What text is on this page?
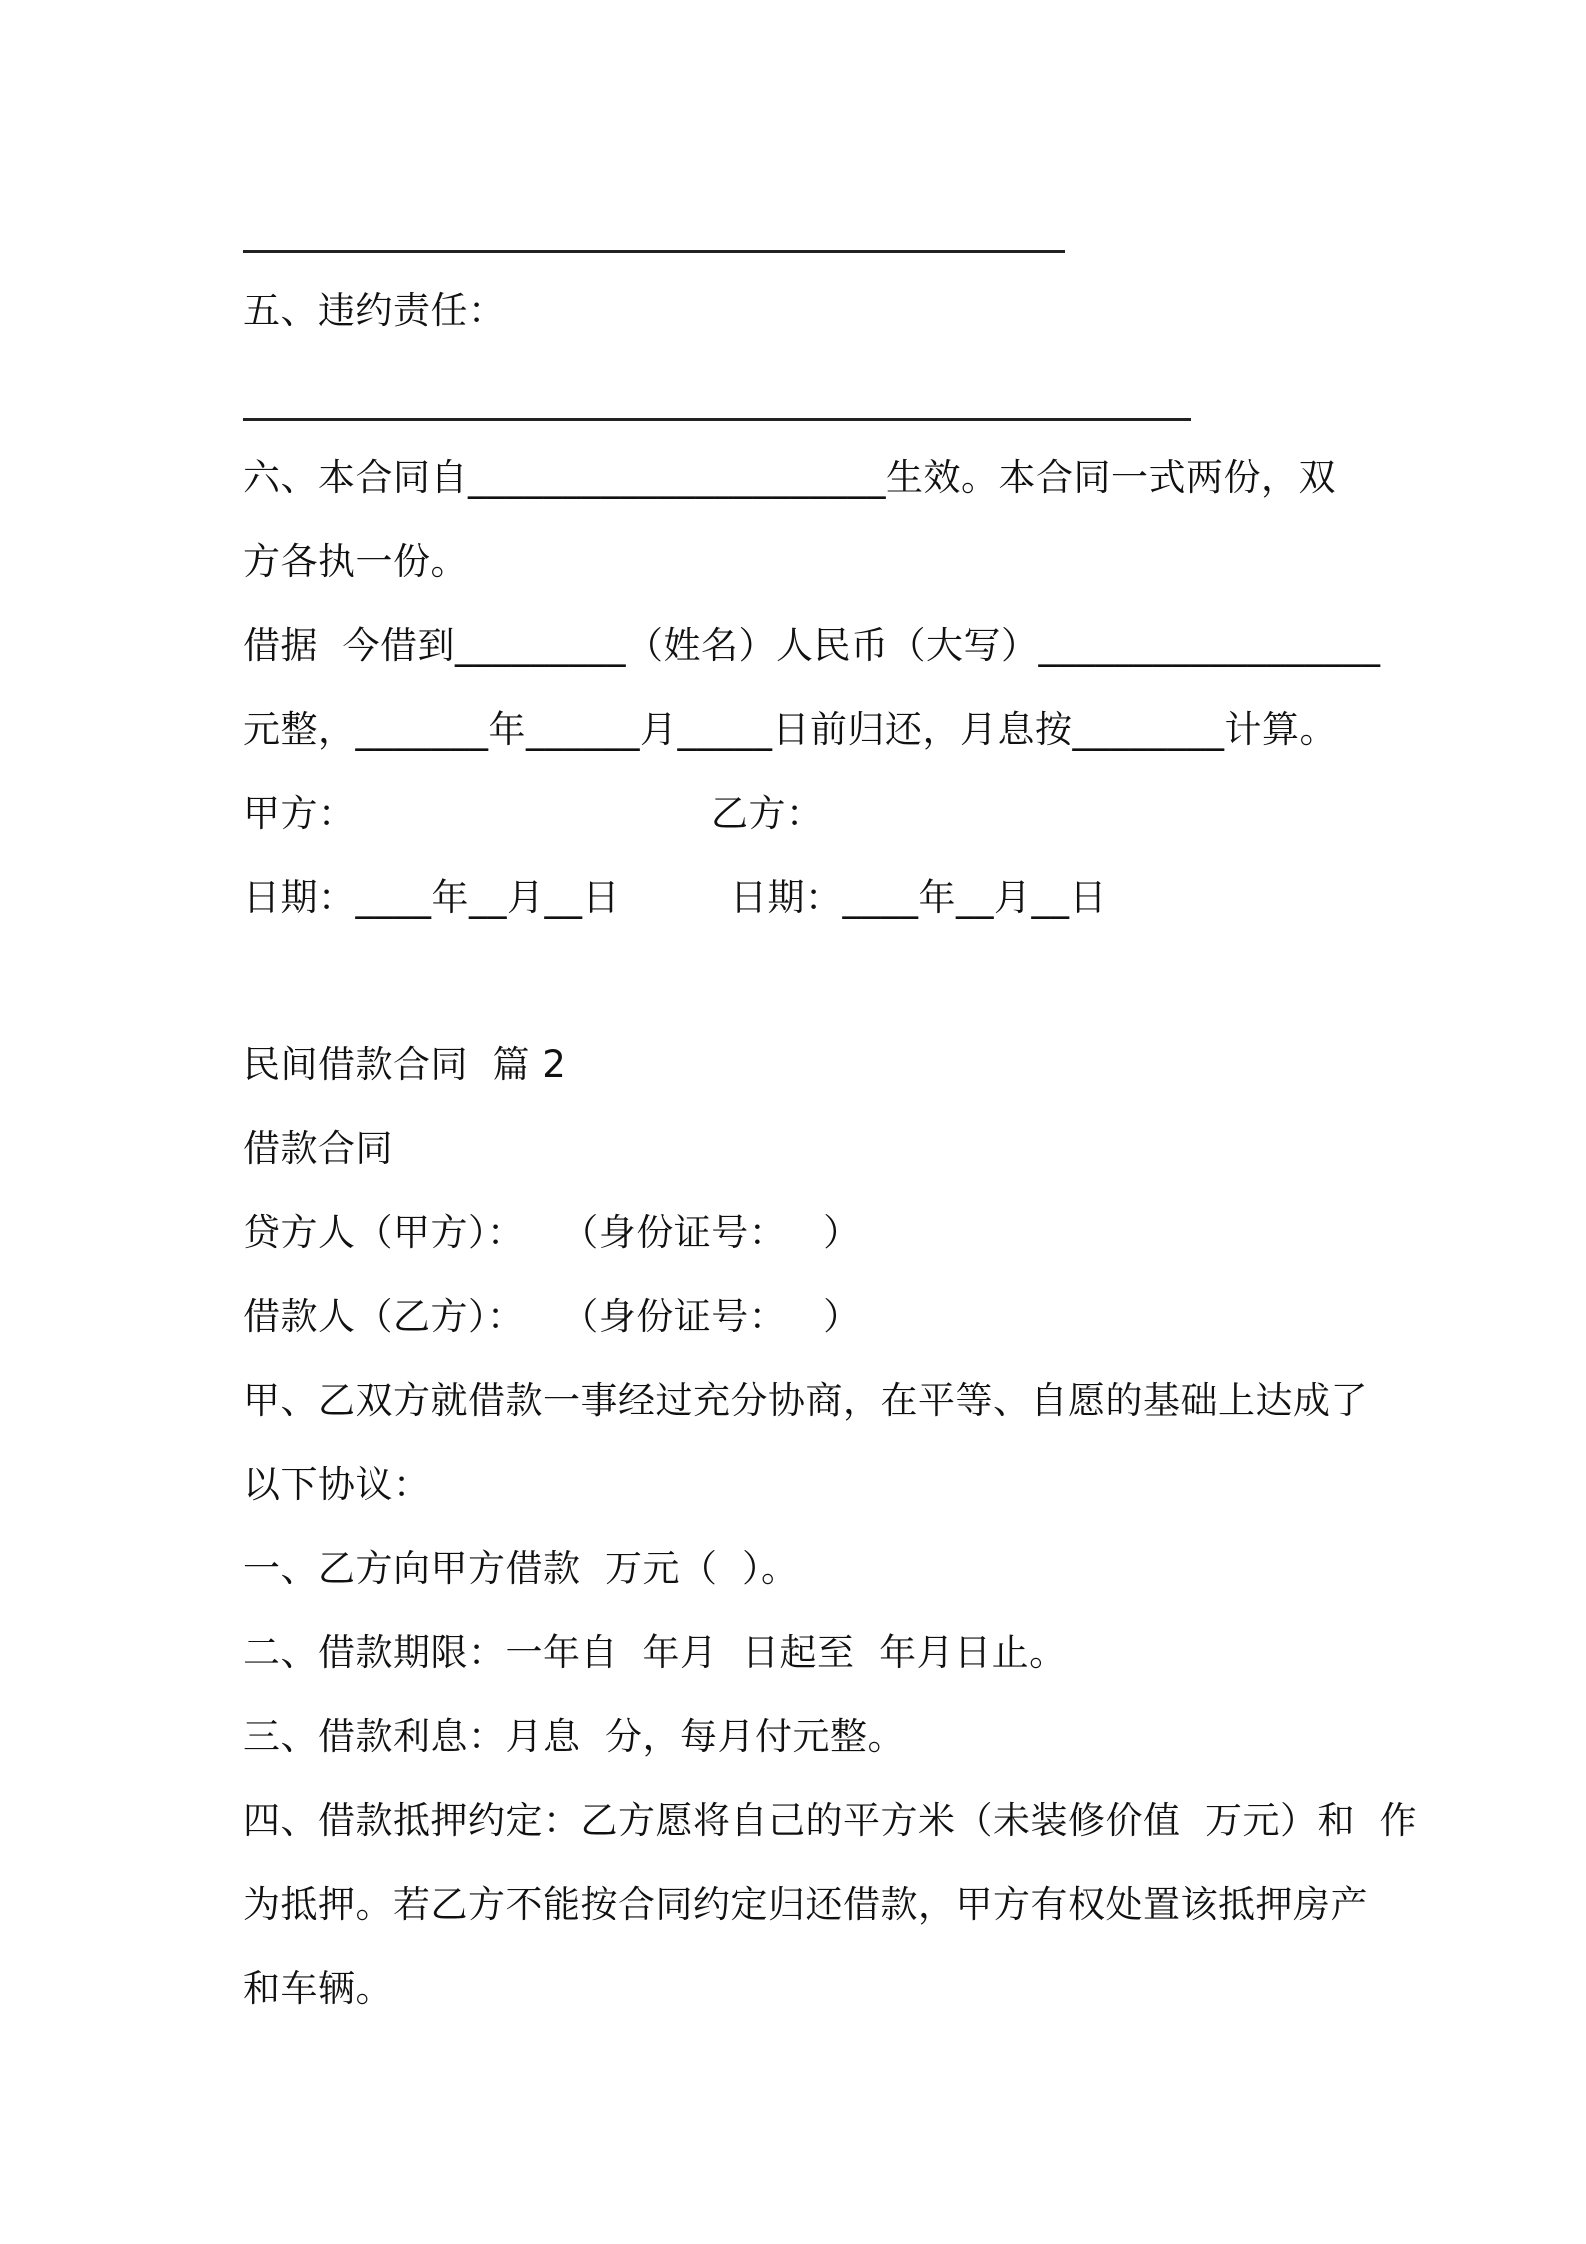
五、违约责任：

六、本合同自______________________生效。本合同一式两份，双

方各执一份。

借据  今借到_________（姓名）人民币（大写）__________________

元整，_______年______月_____日前归还，月息按________计算。

甲方：	乙方：

日期：____年__月__日	日期：____年__月__日

民间借款合同  篇 2

借款合同

贷方人（甲方）：   （身份证号：   ）

借款人（乙方）：   （身份证号：   ）

甲、乙双方就借款一事经过充分协商，在平等、自愿的基础上达成了

以下协议：

一、乙方向甲方借款  万元（  ）。

二、借款期限：一年自  年月  日起至  年月日止。

三、借款利息：月息  分，每月付元整。

四、借款抵押约定：乙方愿将自己的平方米（未装修价值  万元）和  作

为抵押。若乙方不能按合同约定归还借款，甲方有权处置该抵押房产

和车辆。
